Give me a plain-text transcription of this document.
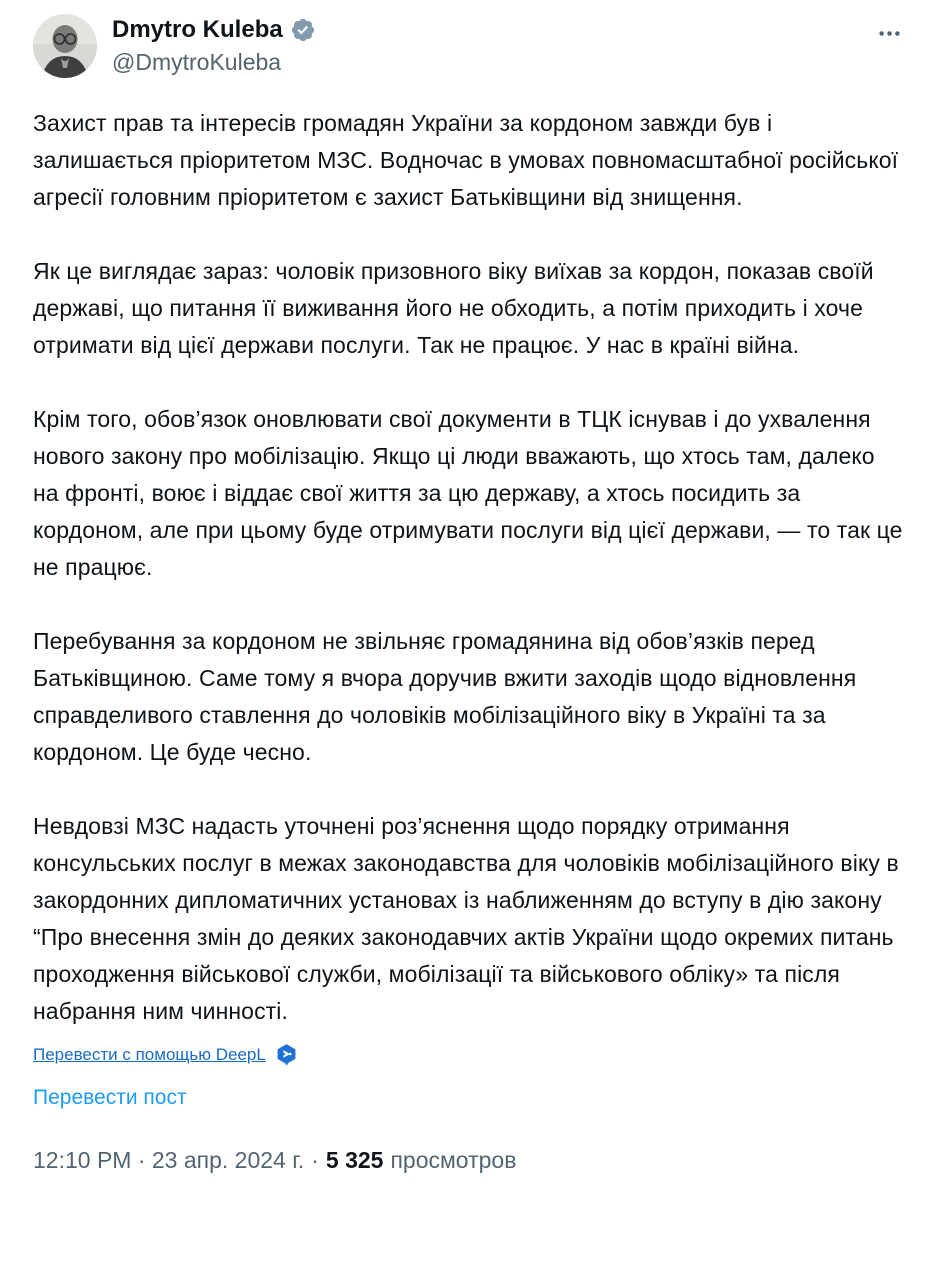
Dmytro Kuleba
@DmytroKuleba

Захист прав та інтересів громадян України за кордоном завжди був і залишається пріоритетом МЗС. Водночас в умовах повномасштабної російської агресії головним пріоритетом є захист Батьківщини від знищення.

Як це виглядає зараз: чоловік призовного віку виїхав за кордон, показав своїй державі, що питання її виживання його не обходить, а потім приходить і хоче отримати від цієї держави послуги. Так не працює. У нас в країні війна.

Крім того, обов’язок оновлювати свої документи в ТЦК існував і до ухвалення нового закону про мобілізацію. Якщо ці люди вважають, що хтось там, далеко на фронті, воює і віддає свої життя за цю державу, а хтось посидить за кордоном, але при цьому буде отримувати послуги від цієї держави, — то так це не працює.

Перебування за кордоном не звільняє громадянина від обов’язків перед Батьківщиною. Саме тому я вчора доручив вжити заходів щодо відновлення справделивого ставлення до чоловіків мобілізаційного віку в Україні та за кордоном. Це буде чесно.

Невдовзі МЗС надасть уточнені роз’яснення щодо порядку отримання консульських послуг в межах законодавства для чоловіків мобілізаційного віку в закордонних дипломатичних установах із наближенням до вступу в дію закону “Про внесення змін до деяких законодавчих актів України щодо окремих питань проходження військової служби, мобілізації та військового обліку» та після набрання ним чинності.

Перевести с помощью DeepL
Перевести пост
12:10 PM · 23 апр. 2024 г. · 5 325 просмотров
